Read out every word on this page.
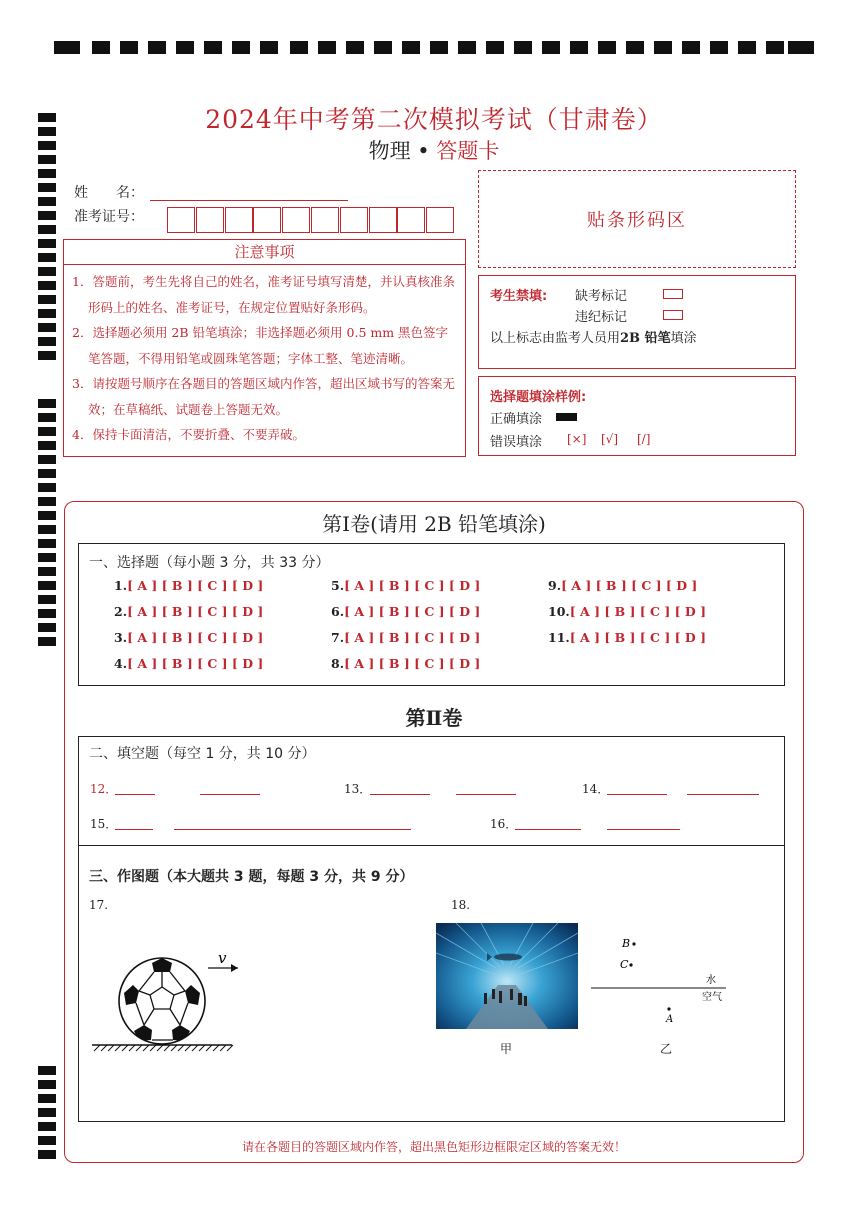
2024年中考第二次模拟考试（甘肃卷）
物理 • 答题卡
姓　　名：
准考证号：	贴条形码区
注意事项
1．答题前，考生先将自己的姓名，准考证号填写清楚，并认真核准条形码上的姓名、准考证号，在规定位置贴好条形码。
2．选择题必须用 2B 铅笔填涂；非选择题必须用 0.5 mm 黑色签字笔答题，不得用铅笔或圆珠笔答题；字体工整、笔迹清晰。
3．请按题号顺序在各题目的答题区域内作答，超出区域书写的答案无效；在草稿纸、试题卷上答题无效。
4．保持卡面清洁，不要折叠、不要弄破。
考生禁填: 缺考标记
违纪标记
以上标志由监考人员用2B 铅笔填涂
选择题填涂样例:
正确填涂
错误填涂 [×] [√] [/]
第Ⅰ卷(请用 2B 铅笔填涂)
一、选择题（每小题 3 分，共 33 分）
1.[ A ] [ B ] [ C ] [ D ]
2.[ A ] [ B ] [ C ] [ D ]
3.[ A ] [ B ] [ C ] [ D ]
4.[ A ] [ B ] [ C ] [ D ]
5.[ A ] [ B ] [ C ] [ D ]
6.[ A ] [ B ] [ C ] [ D ]
7.[ A ] [ B ] [ C ] [ D ]
8.[ A ] [ B ] [ C ] [ D ]
9.[ A ] [ B ] [ C ] [ D ]
10.[ A ] [ B ] [ C ] [ D ]
11.[ A ] [ B ] [ C ] [ D ]
第Ⅱ卷
二、填空题（每空 1 分，共 10 分）
12．	13．	14．
15．	16．
三、作图题（本大题共 3 题，每题 3 分，共 9 分）
17.	18.
v
甲
B
C
水
空气
A
乙
请在各题目的答题区域内作答，超出黑色矩形边框限定区域的答案无效！
